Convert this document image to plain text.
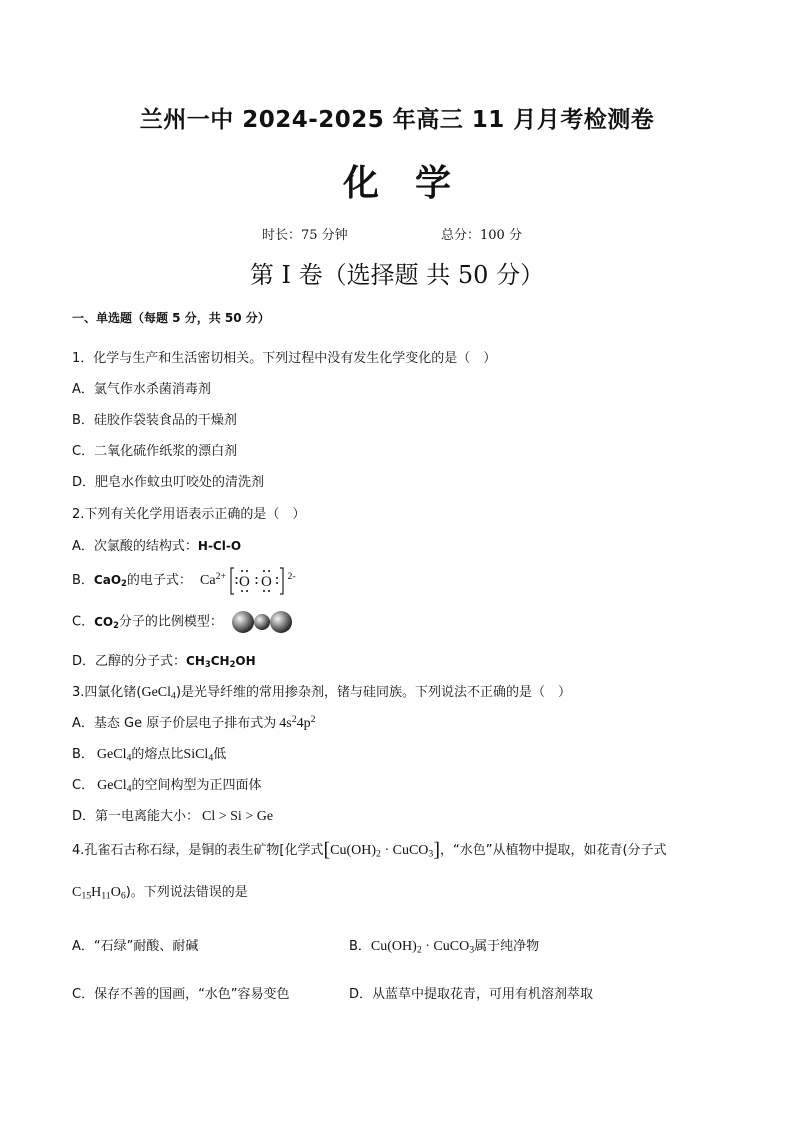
兰州一中 2024-2025 年高三 11 月月考检测卷
化　学
时长：75 分钟	总分：100 分
第 I 卷（选择题 共 50 分）
一、单选题（每题 5 分，共 50 分）
1．化学与生产和生活密切相关。下列过程中没有发生化学变化的是（　）
A．氯气作水杀菌消毒剂
B．硅胶作袋装食品的干燥剂
C．二氧化硫作纸浆的漂白剂
D．肥皂水作蚊虫叮咬处的清洗剂
2.下列有关化学用语表示正确的是（　）
A．次氯酸的结构式：H-Cl-O
B．CaO$_2$的电子式： $Ca^{2+}$ O O $^{2-}$
C．$CO_2$分子的比例模型：
D．乙醇的分子式：$CH_3CH_2OH$
3.四氯化锗(GeCl$_4$)是光导纤维的常用掺杂剂，锗与硅同族。下列说法不正确的是（　）
A．基态 Ge 原子价层电子排布式为 $4s^24p^2$
B． GeCl$_4$的熔点比SiCl$_4$低
C． GeCl$_4$的空间构型为正四面体
D．第一电离能大小： Cl > Si > Ge
4.孔雀石古称石绿，是铜的表生矿物[化学式[$Cu(OH)_2$ · CuCO$_3$]，“水色”从植物中提取，如花青(分子式
$C_{15}H_{11}O_6$)。下列说法错误的是
A．“石绿”耐酸、耐碱	B．$Cu(OH)_2$ · CuCO$_3$属于纯净物
C．保存不善的国画，“水色”容易变色	D．从蓝草中提取花青，可用有机溶剂萃取
